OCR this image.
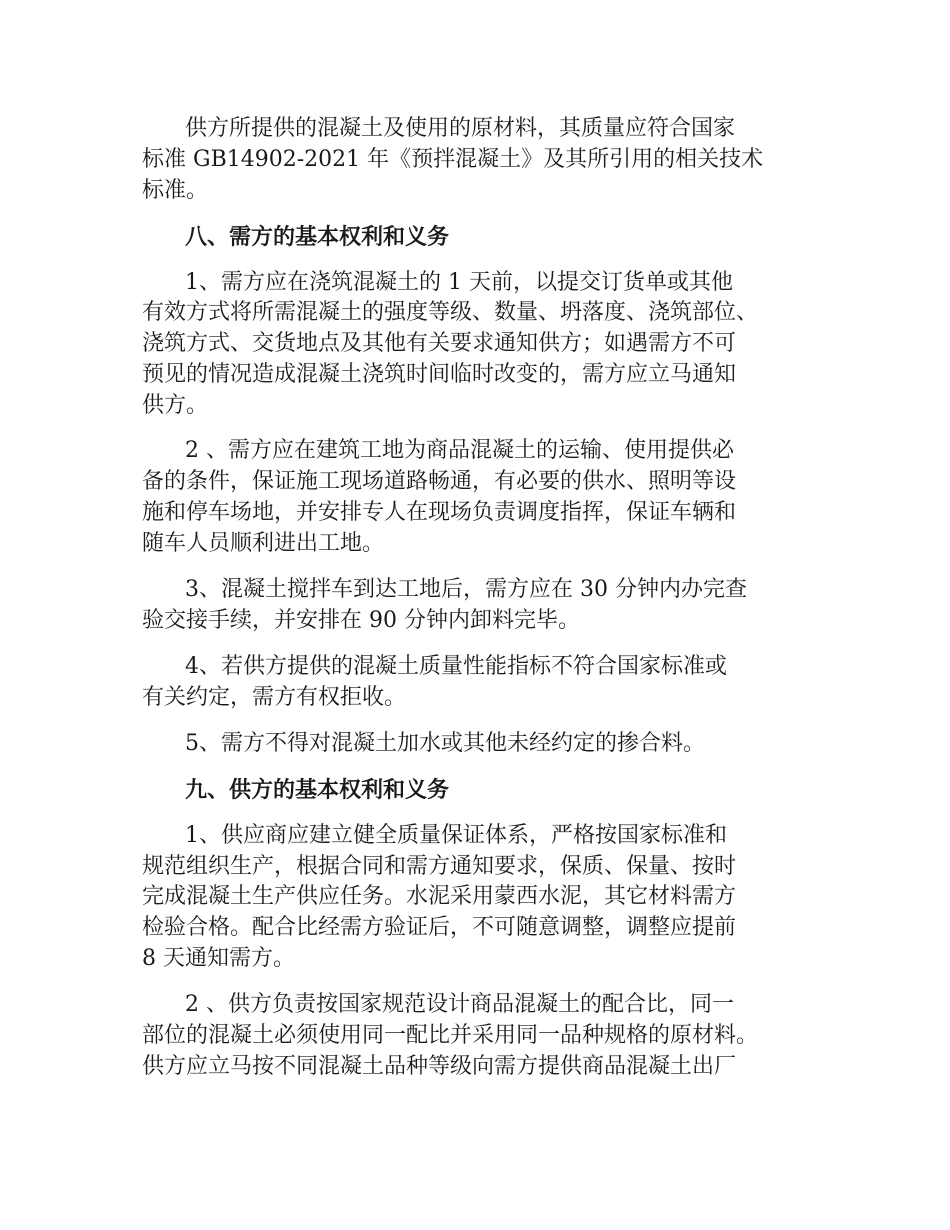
供方所提供的混凝土及使用的原材料，其质量应符合国家
标准 GB14902-2021 年《预拌混凝土》及其所引用的相关技术
标准。
八、需方的基本权利和义务
1、需方应在浇筑混凝土的 1 天前，以提交订货单或其他
有效方式将所需混凝土的强度等级、数量、坍落度、浇筑部位、
浇筑方式、交货地点及其他有关要求通知供方；如遇需方不可
预见的情况造成混凝土浇筑时间临时改变的，需方应立马通知
供方。
2 、需方应在建筑工地为商品混凝土的运输、使用提供必
备的条件，保证施工现场道路畅通，有必要的供水、照明等设
施和停车场地，并安排专人在现场负责调度指挥，保证车辆和
随车人员顺利进出工地。
3、混凝土搅拌车到达工地后，需方应在 30 分钟内办完查
验交接手续，并安排在 90 分钟内卸料完毕。
4、若供方提供的混凝土质量性能指标不符合国家标准或
有关约定，需方有权拒收。
5、需方不得对混凝土加水或其他未经约定的掺合料。
九、供方的基本权利和义务
1、供应商应建立健全质量保证体系，严格按国家标准和
规范组织生产，根据合同和需方通知要求，保质、保量、按时
完成混凝土生产供应任务。水泥采用蒙西水泥，其它材料需方
检验合格。配合比经需方验证后，不可随意调整，调整应提前
8 天通知需方。
2 、供方负责按国家规范设计商品混凝土的配合比，同一
部位的混凝土必须使用同一配比并采用同一品种规格的原材料。
供方应立马按不同混凝土品种等级向需方提供商品混凝土出厂
